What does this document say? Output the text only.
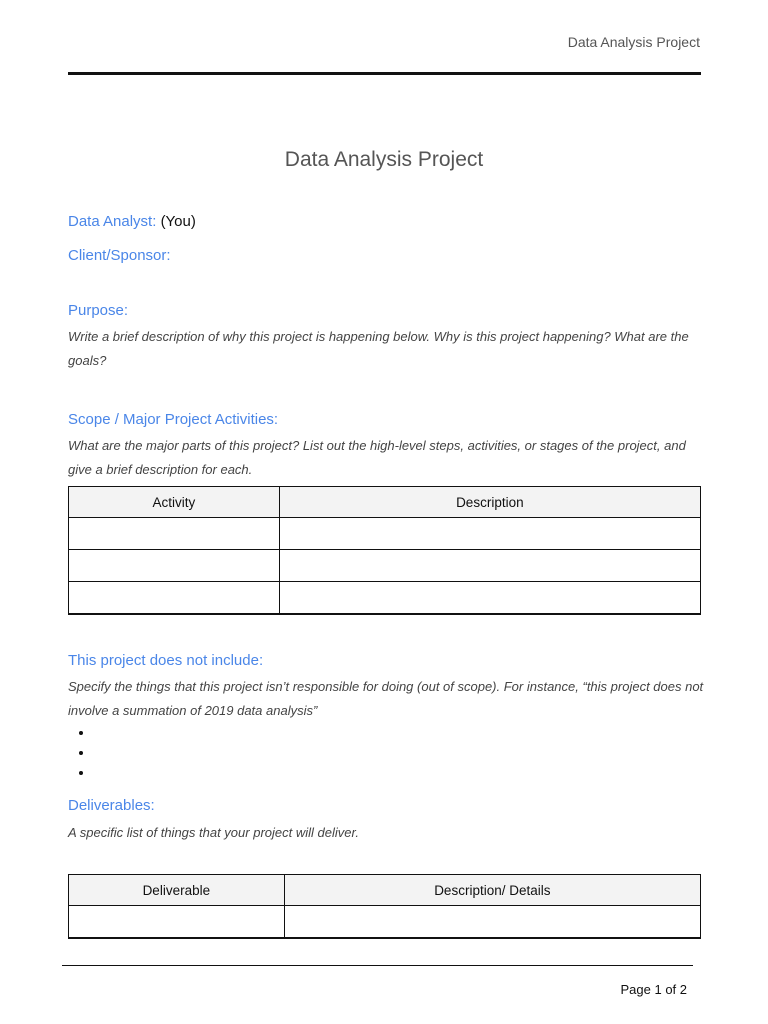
Data Analysis Project
Data Analysis Project
Data Analyst: (You)
Client/Sponsor:
Purpose:
Write a brief description of why this project is happening below. Why is this project happening? What are the goals?
Scope / Major Project Activities:
What are the major parts of this project? List out the high-level steps, activities, or stages of the project, and give a brief description for each.
Activity	Description

This project does not include:
Specify the things that this project isn’t responsible for doing (out of scope). For instance, “this project does not involve a summation of 2019 data analysis”
Deliverables:
A specific list of things that your project will deliver.
Deliverable	Description/ Details

Page 1 of 2
